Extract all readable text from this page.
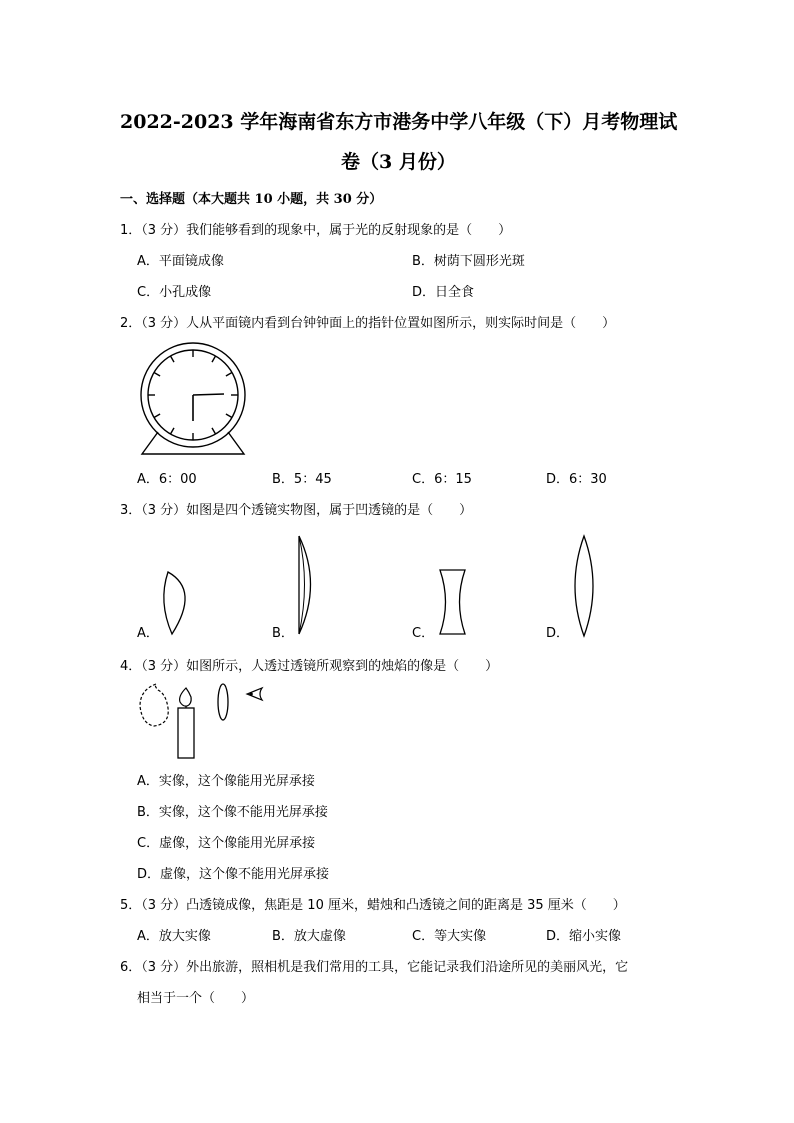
2022-2023 学年海南省东方市港务中学八年级（下）月考物理试
卷（3 月份）
一、选择题（本大题共 10 小题，共 30 分）
1．（3 分）我们能够看到的现象中，属于光的反射现象的是（　　）
A．平面镜成像	B．树荫下圆形光斑
C．小孔成像	D．日全食
2．（3 分）人从平面镜内看到台钟钟面上的指针位置如图所示，则实际时间是（　　）
A．6：00	B．5：45	C．6：15	D．6：30
3．（3 分）如图是四个透镜实物图，属于凹透镜的是（　　）
A．	B．	C．	D．
4．（3 分）如图所示，人透过透镜所观察到的烛焰的像是（　　）
A．实像，这个像能用光屏承接
B．实像，这个像不能用光屏承接
C．虚像，这个像能用光屏承接
D．虚像，这个像不能用光屏承接
5．（3 分）凸透镜成像，焦距是 10 厘米，蜡烛和凸透镜之间的距离是 35 厘米（　　）
A．放大实像	B．放大虚像	C．等大实像	D．缩小实像
6．（3 分）外出旅游，照相机是我们常用的工具，它能记录我们沿途所见的美丽风光，它
相当于一个（　　）
